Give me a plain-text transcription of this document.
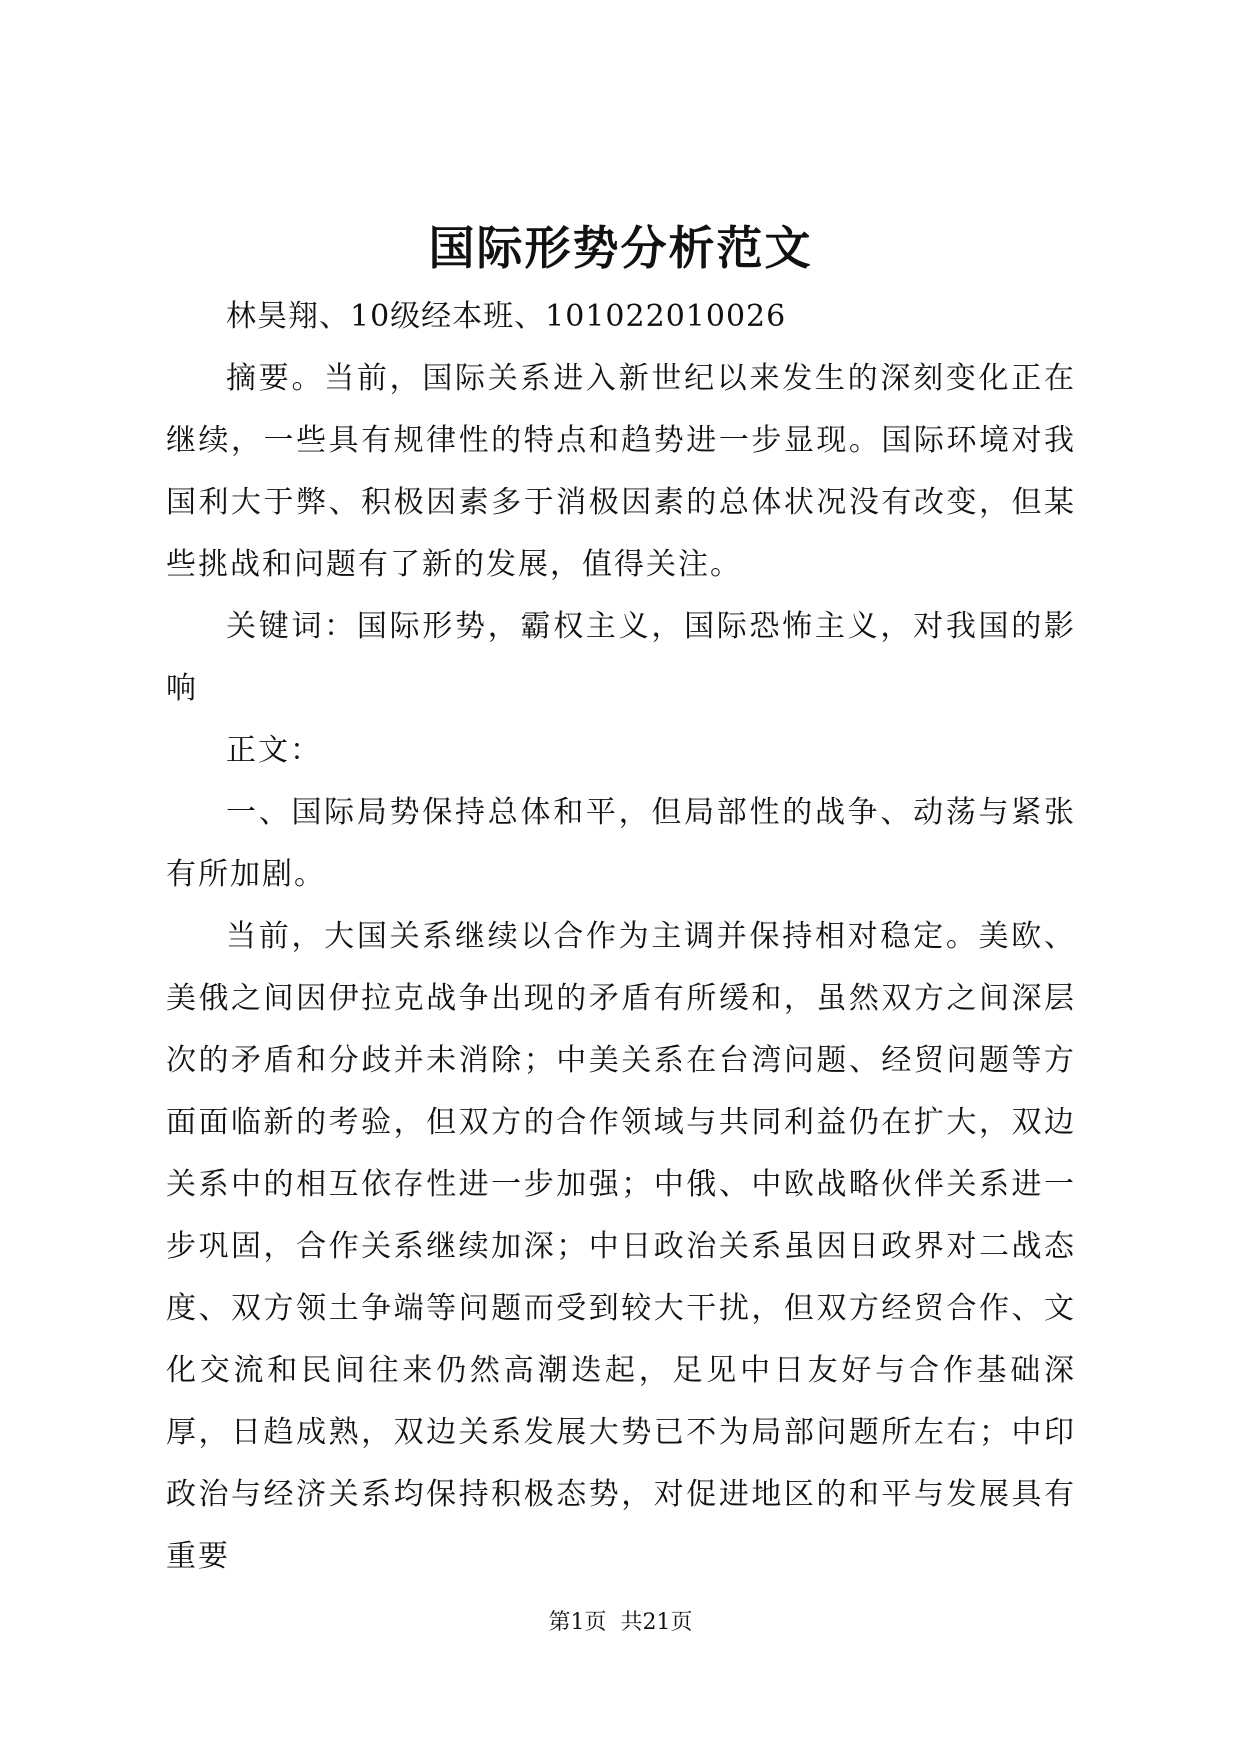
国际形势分析范文

林昊翔、10级经本班、101022010026

摘要。当前，国际关系进入新世纪以来发生的深刻变化正在继续，一些具有规律性的特点和趋势进一步显现。国际环境对我国利大于弊、积极因素多于消极因素的总体状况没有改变，但某些挑战和问题有了新的发展，值得关注。

关键词：国际形势，霸权主义，国际恐怖主义，对我国的影响

正文：

一、国际局势保持总体和平，但局部性的战争、动荡与紧张有所加剧。

当前，大国关系继续以合作为主调并保持相对稳定。美欧、美俄之间因伊拉克战争出现的矛盾有所缓和，虽然双方之间深层次的矛盾和分歧并未消除；中美关系在台湾问题、经贸问题等方面面临新的考验，但双方的合作领域与共同利益仍在扩大，双边关系中的相互依存性进一步加强；中俄、中欧战略伙伴关系进一步巩固，合作关系继续加深；中日政治关系虽因日政界对二战态度、双方领土争端等问题而受到较大干扰，但双方经贸合作、文化交流和民间往来仍然高潮迭起，足见中日友好与合作基础深厚，日趋成熟，双边关系发展大势已不为局部问题所左右；中印政治与经济关系均保持积极态势，对促进地区的和平与发展具有重要

第1页  共21页
